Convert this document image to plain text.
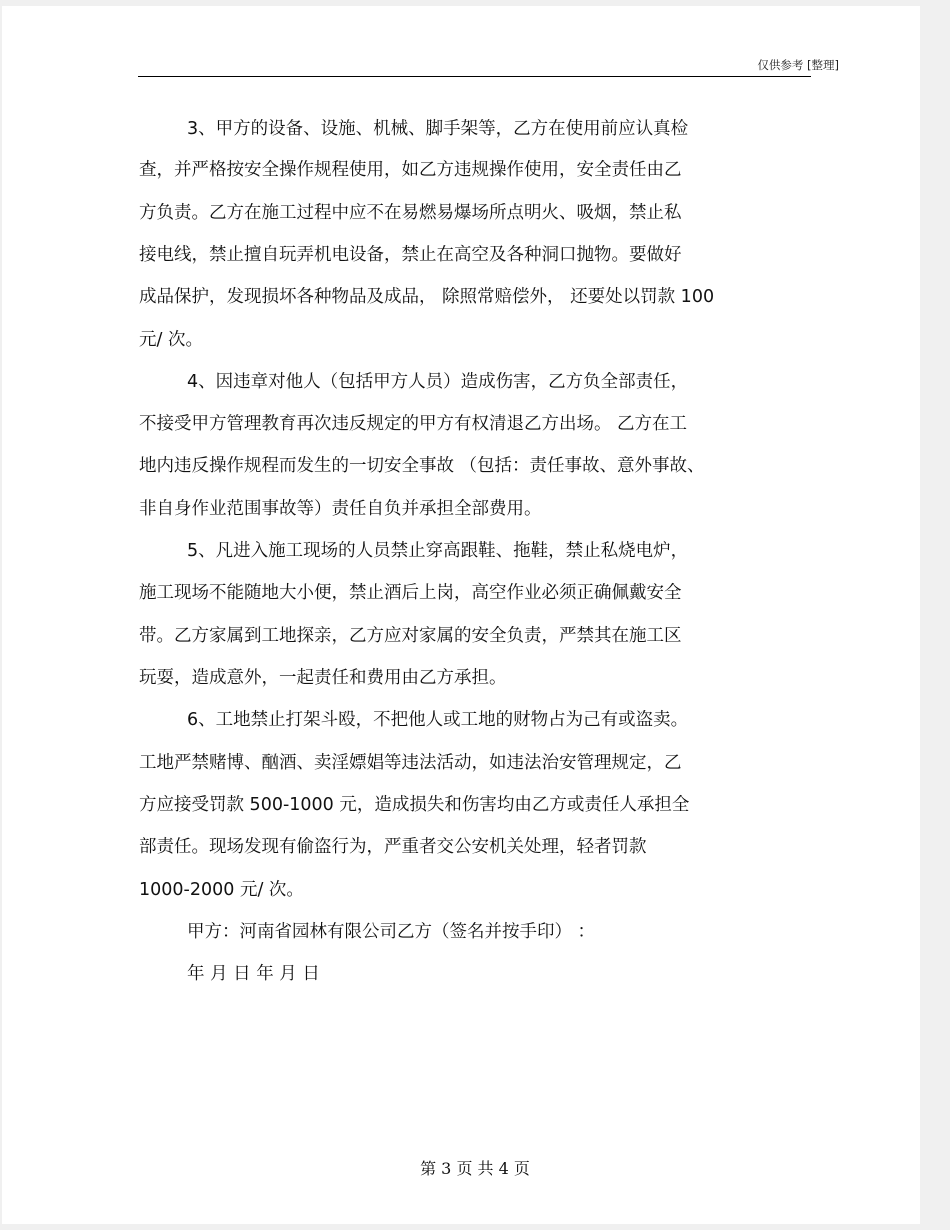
仅供参考 [整理]
3、甲方的设备、设施、机械、脚手架等，乙方在使用前应认真检
查，并严格按安全操作规程使用，如乙方违规操作使用，安全责任由乙
方负责。乙方在施工过程中应不在易燃易爆场所点明火、吸烟，禁止私
接电线，禁止擅自玩弄机电设备，禁止在高空及各种洞口抛物。要做好
成品保护，发现损坏各种物品及成品， 除照常赔偿外， 还要处以罚款 100
元/ 次。
4、因违章对他人（包括甲方人员）造成伤害，乙方负全部责任，
不接受甲方管理教育再次违反规定的甲方有权清退乙方出场。 乙方在工
地内违反操作规程而发生的一切安全事故 （包括：责任事故、意外事故、
非自身作业范围事故等）责任自负并承担全部费用。
5、凡进入施工现场的人员禁止穿高跟鞋、拖鞋，禁止私烧电炉，
施工现场不能随地大小便，禁止酒后上岗，高空作业必须正确佩戴安全
带。乙方家属到工地探亲，乙方应对家属的安全负责，严禁其在施工区
玩耍，造成意外，一起责任和费用由乙方承担。
6、工地禁止打架斗殴，不把他人或工地的财物占为己有或盗卖。
工地严禁赌博、酗酒、卖淫嫖娼等违法活动，如违法治安管理规定，乙
方应接受罚款 500-1000 元，造成损失和伤害均由乙方或责任人承担全
部责任。现场发现有偷盗行为，严重者交公安机关处理，轻者罚款
1000-2000 元/ 次。
甲方：河南省园林有限公司乙方（签名并按手印） ：
年 月 日 年 月 日
第 3 页 共 4 页
